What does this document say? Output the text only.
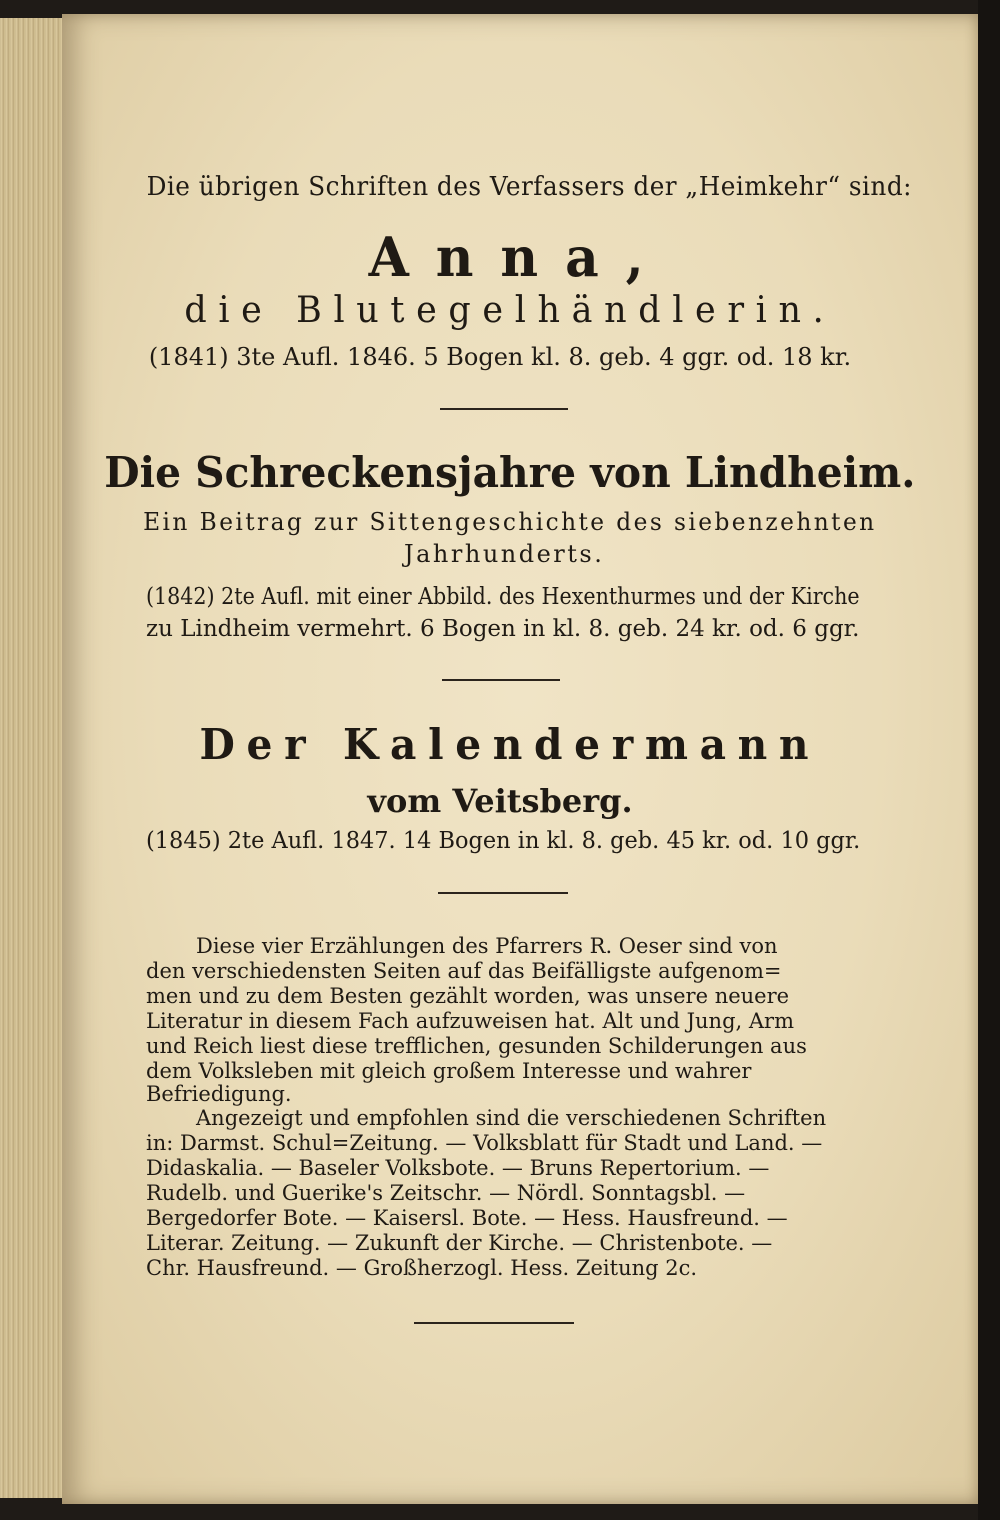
Die übrigen Schriften des Verfassers der „Heimkehr“ sind:
Anna,
die Blutegelhändlerin.
(1841) 3te Aufl. 1846. 5 Bogen kl. 8. geb. 4 ggr. od. 18 kr.
Die Schreckensjahre von Lindheim.
Ein Beitrag zur Sittengeschichte des siebenzehnten
Jahrhunderts.
(1842) 2te Aufl. mit einer Abbild. des Hexenthurmes und der Kirche
zu Lindheim vermehrt. 6 Bogen in kl. 8. geb. 24 kr. od. 6 ggr.
Der Kalendermann
vom Veitsberg.
(1845) 2te Aufl. 1847. 14 Bogen in kl. 8. geb. 45 kr. od. 10 ggr.
Diese vier Erzählungen des Pfarrers R. Oeser sind von
den verschiedensten Seiten auf das Beifälligste aufgenom=
men und zu dem Besten gezählt worden, was unsere neuere
Literatur in diesem Fach aufzuweisen hat. Alt und Jung, Arm
und Reich liest diese trefflichen, gesunden Schilderungen aus
dem Volksleben mit gleich großem Interesse und wahrer
Befriedigung.
Angezeigt und empfohlen sind die verschiedenen Schriften
in: Darmst. Schul=Zeitung. — Volksblatt für Stadt und Land. —
Didaskalia. — Baseler Volksbote. — Bruns Repertorium. —
Rudelb. und Guerike's Zeitschr. — Nördl. Sonntagsbl. —
Bergedorfer Bote. — Kaisersl. Bote. — Hess. Hausfreund. —
Literar. Zeitung. — Zukunft der Kirche. — Christenbote. —
Chr. Hausfreund. — Großherzogl. Hess. Zeitung 2c.
